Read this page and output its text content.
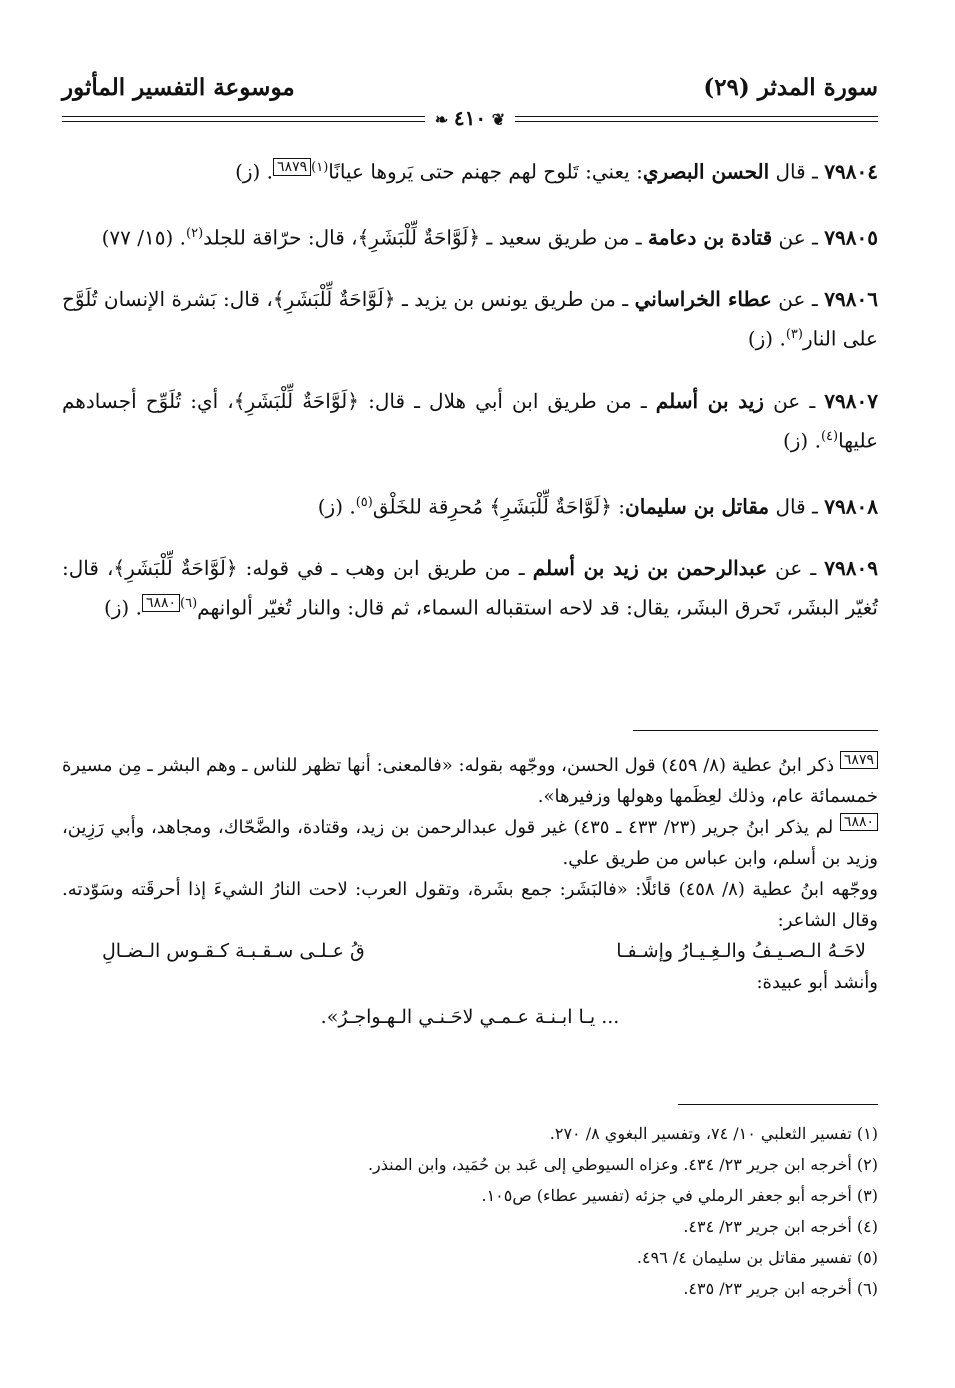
سورة المدثر (٢٩)
موسوعة التفسير المأثور
❦ ٤١٠ ❧

٧٩٨٠٤ ـ قال الحسن البصري: يعني: تَلوح لهم جهنم حتى يَروها عيانًا$^{(١)}$٦٨٧٩. (ز)

٧٩٨٠٥ ـ عن قتادة بن دعامة ـ من طريق سعيد ـ ﴿لَوَّاحَةٌ لِّلْبَشَرِ﴾، قال: حرّاقة للجلد$^{(٢)}$. (١٥/ ٧٧)

٧٩٨٠٦ ـ عن عطاء الخراساني ـ من طريق يونس بن يزيد ـ ﴿لَوَّاحَةٌ لِّلْبَشَرِ﴾، قال: بَشرة الإنسان تُلَوَّح على النار$^{(٣)}$. (ز)

٧٩٨٠٧ ـ عن زيد بن أسلم ـ من طريق ابن أبي هلال ـ قال: ﴿لَوَّاحَةٌ لِّلْبَشَرِ﴾، أي: تُلَوِّح أجسادهم عليها$^{(٤)}$. (ز)

٧٩٨٠٨ ـ قال مقاتل بن سليمان: ﴿لَوَّاحَةٌ لِّلْبَشَرِ﴾ مُحرِقة للخَلْق$^{(٥)}$. (ز)

٧٩٨٠٩ ـ عن عبدالرحمن بن زيد بن أسلم ـ من طريق ابن وهب ـ في قوله: ﴿لَوَّاحَةٌ لِّلْبَشَرِ﴾، قال: تُغيّر البشَر، تَحرق البشَر، يقال: قد لاحه استقباله السماء، ثم قال: والنار تُغيّر ألوانهم$^{(٦)}$٦٨٨٠. (ز)

٦٨٧٩ ذكر ابنُ عطية (٨/ ٤٥٩) قول الحسن، ووجّهه بقوله: «فالمعنى: أنها تظهر للناس ـ وهم البشر ـ مِن مسيرة خمسمائة عام، وذلك لعِظَمها وهولها وزفيرها».

٦٨٨٠ لم يذكر ابنُ جرير (٢٣/ ٤٣٣ ـ ٤٣٥) غير قول عبدالرحمن بن زيد، وقتادة، والضَّحّاك، ومجاهد، وأبي رَزِين، وزيد بن أسلم، وابن عباس من طريق علي.

ووجّهه ابنُ عطية (٨/ ٤٥٨) قائلًا: «فالبَشَر: جمع بشَرة، وتقول العرب: لاحت النارُ الشيءَ إذا أحرقَته وسَوّدته. وقال الشاعر:

لاحَـهُ الـصـيـفُ والـغِـيـارُ وإشـفـا
قُ عـلـى سـقـبـة كـقـوس الـضـالِ

وأنشد أبو عبيدة:

... يـا ابـنـة عـمـي لاحَـنـي الـهـواجـرُ».

(١) تفسير الثعلبي ١٠/ ٧٤، وتفسير البغوي ٨/ ٢٧٠.

(٢) أخرجه ابن جرير ٢٣/ ٤٣٤. وعزاه السيوطي إلى عَبد بن حُمَيد، وابن المنذر.

(٣) أخرجه أبو جعفر الرملي في جزئه (تفسير عطاء) ص١٠٥.

(٤) أخرجه ابن جرير ٢٣/ ٤٣٤.

(٥) تفسير مقاتل بن سليمان ٤/ ٤٩٦.

(٦) أخرجه ابن جرير ٢٣/ ٤٣٥.
